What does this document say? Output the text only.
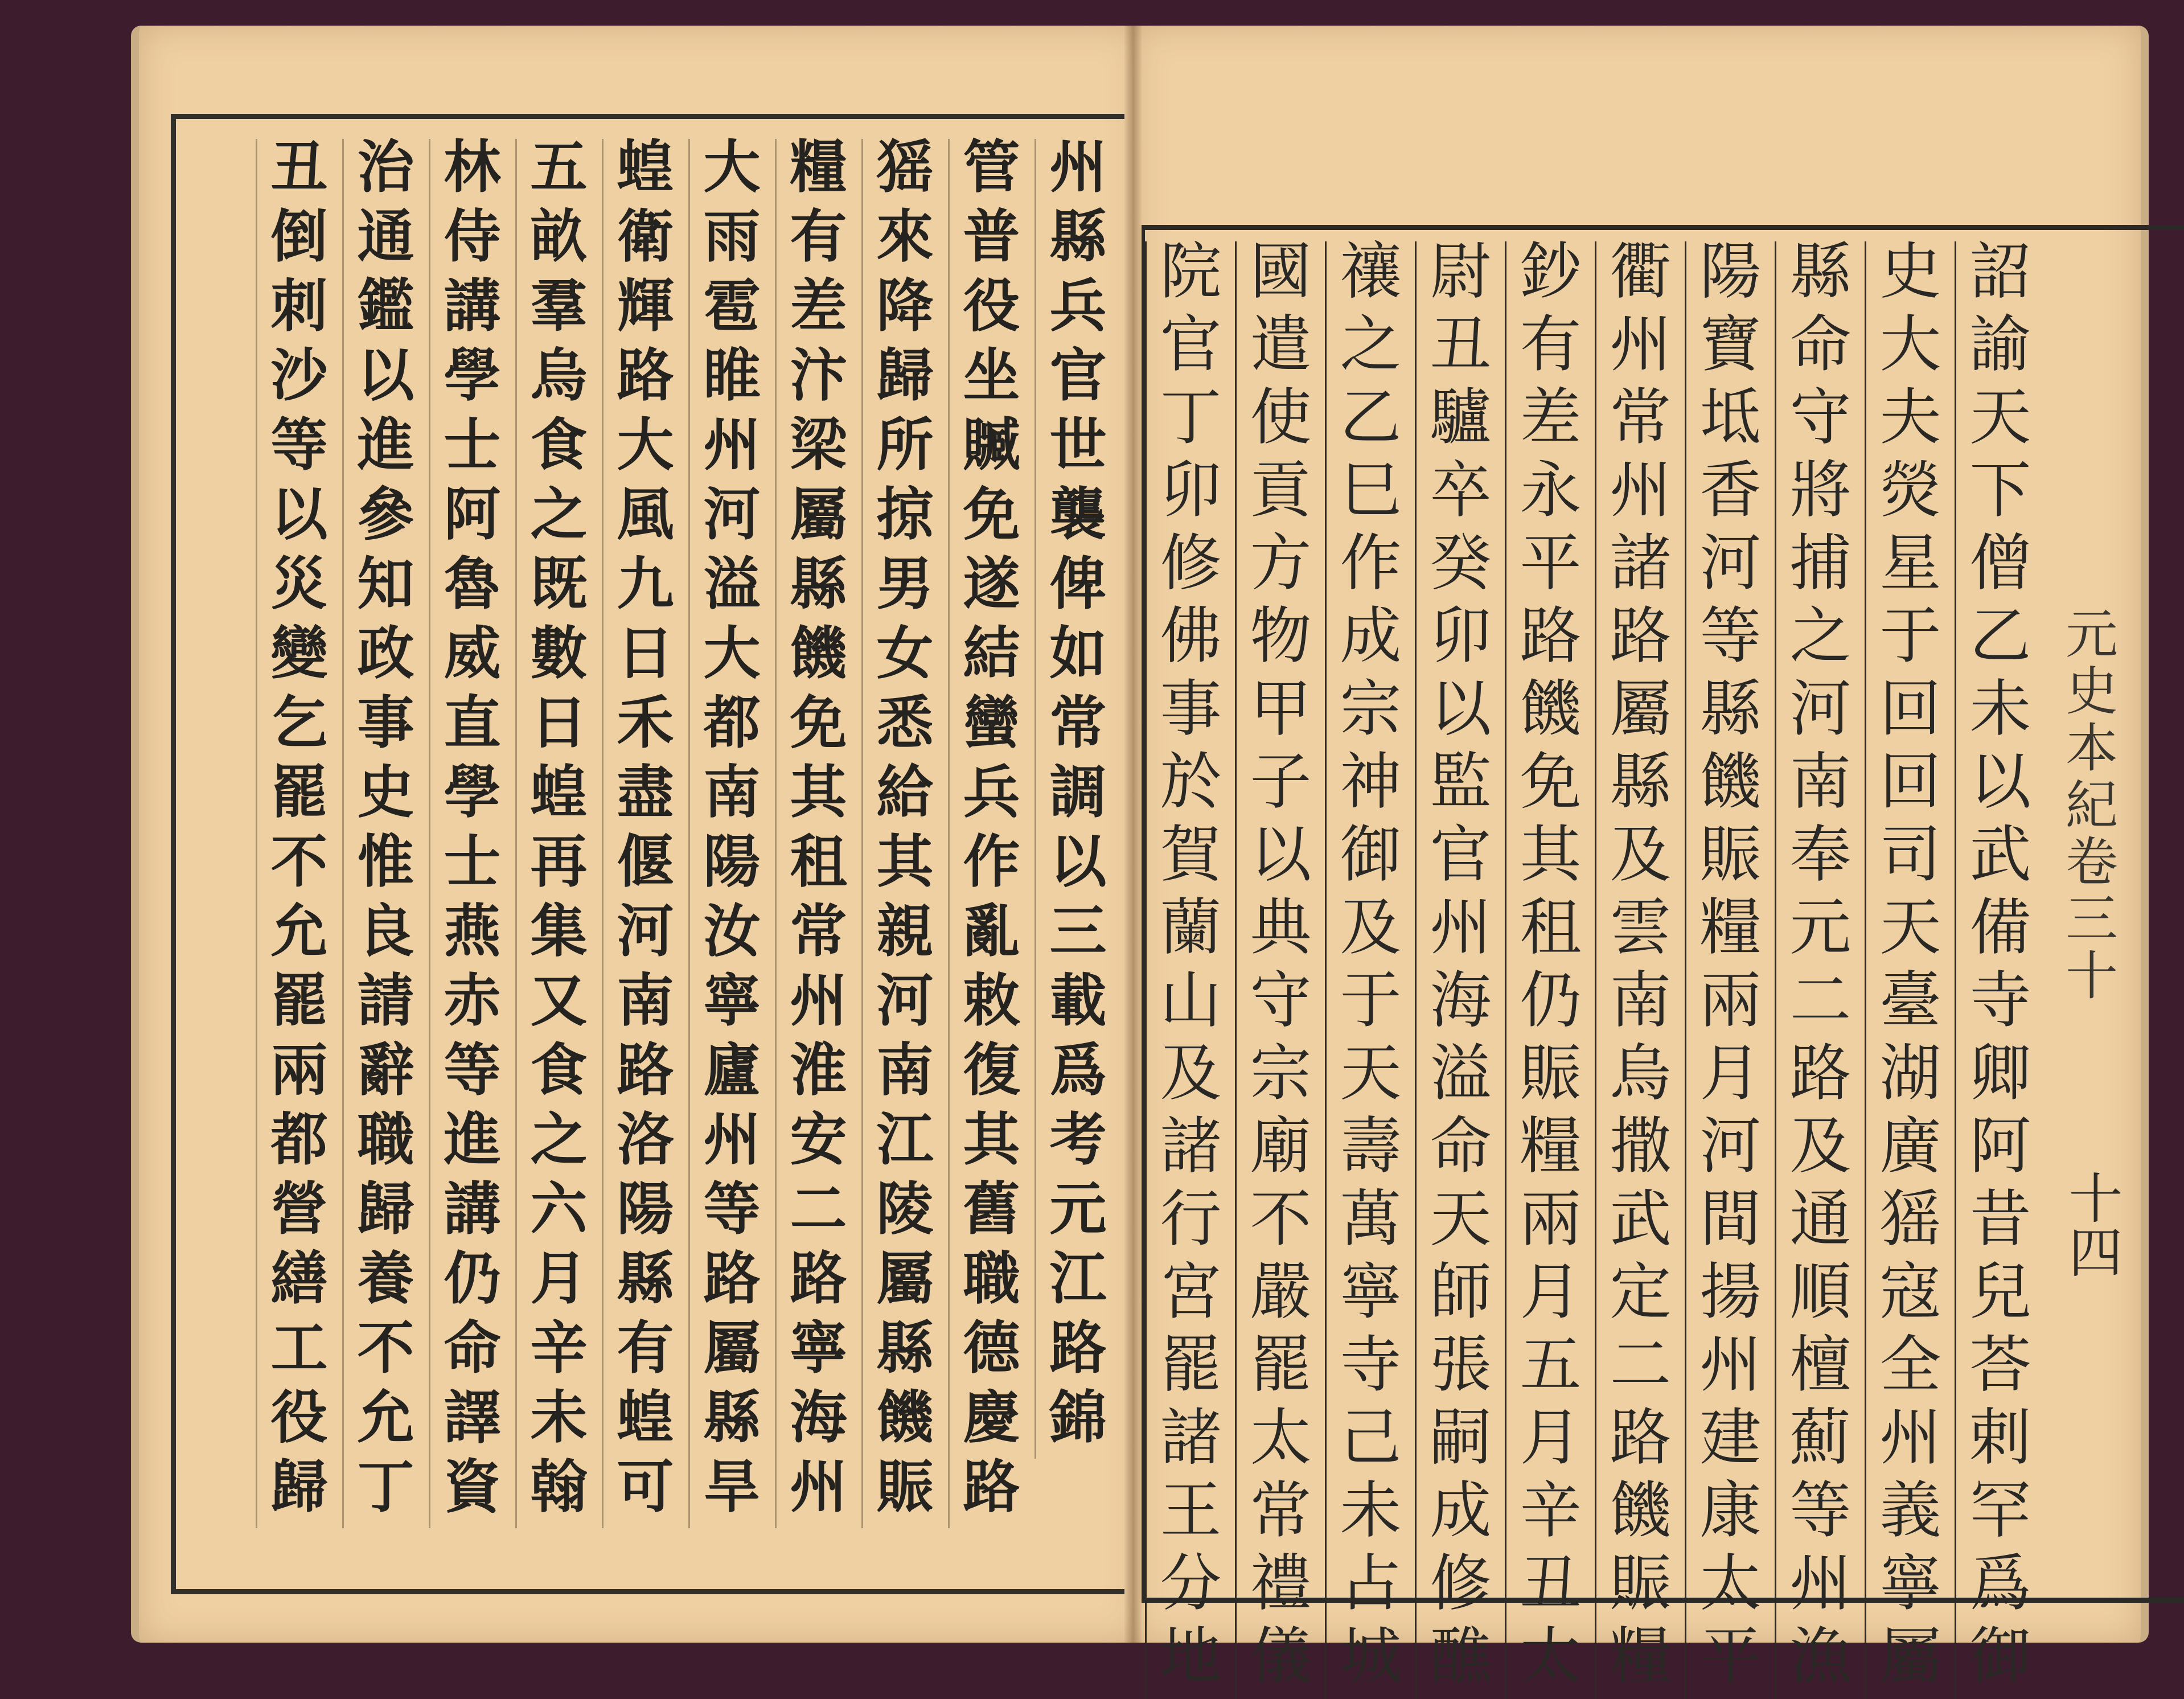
州
縣
兵
官
世
襲
俾
如
常
調
以
三
載
爲
考
元
江
路
錦
管
普
役
坐
贓
免
遂
結
蠻
兵
作
亂
敕
復
其
舊
職
德
慶
路
猺
來
降
歸
所
掠
男
女
悉
給
其
親
河
南
江
陵
屬
縣
饑
賑
糧
有
差
汴
梁
屬
縣
饑
免
其
租
常
州
淮
安
二
路
寧
海
州
大
雨
雹
睢
州
河
溢
大
都
南
陽
汝
寧
廬
州
等
路
屬
縣
旱
蝗
衛
輝
路
大
風
九
日
禾
盡
偃
河
南
路
洛
陽
縣
有
蝗
可
五
畝
羣
烏
食
之
既
數
日
蝗
再
集
又
食
之
六
月
辛
未
翰
林
侍
講
學
士
阿
魯
威
直
學
士
燕
赤
等
進
講
仍
命
譯
資
治
通
鑑
以
進
參
知
政
事
史
惟
良
請
辭
職
歸
養
不
允
丁
丑
倒
刺
沙
等
以
災
變
乞
罷
不
允
罷
兩
都
營
繕
工
役
歸
詔
諭
天
下
僧
乙
未
以
武
備
寺
卿
阿
昔
兒
荅
剌
罕
爲
御
史
大
夫
熒
星
于
回
回
司
天
臺
湖
廣
猺
寇
全
州
義
寧
屬
縣
命
守
將
捕
之
河
南
奉
元
二
路
及
通
順
檀
薊
等
州
漁
陽
寶
坻
香
河
等
縣
饑
賑
糧
兩
月
河
間
揚
州
建
康
太
平
衢
州
常
州
諸
路
屬
縣
及
雲
南
烏
撒
武
定
二
路
饑
賑
糧
鈔
有
差
永
平
路
饑
免
其
租
仍
賑
糧
兩
月
五
月
辛
丑
太
尉
丑
驢
卒
癸
卯
以
監
官
州
海
溢
命
天
師
張
嗣
成
修
醮
禳
之
乙
巳
作
成
宗
神
御
及
于
天
壽
萬
寧
寺
己
未
占
城
國
遣
使
貢
方
物
甲
子
以
典
守
宗
廟
不
嚴
罷
太
常
禮
儀
院
官
丁
卯
修
佛
事
於
賀
蘭
山
及
諸
行
宮
罷
諸
王
分
地
元史本紀卷三十
十四
